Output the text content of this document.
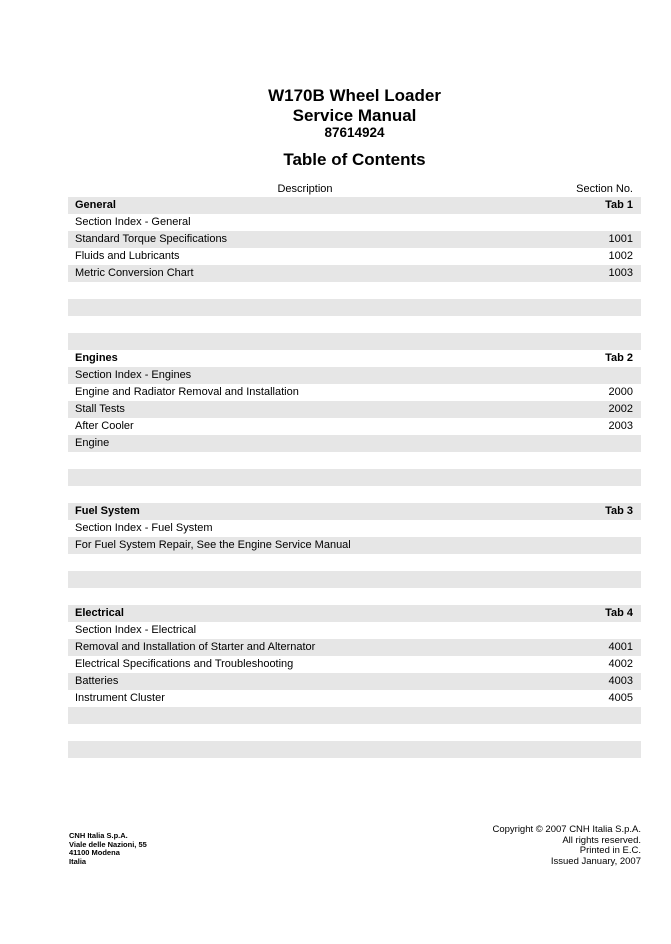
W170B Wheel Loader
Service Manual
87614924
Table of Contents
Description	Section No.
General	Tab 1
Section Index - General
Standard Torque Specifications	1001
Fluids and Lubricants	1002
Metric Conversion Chart	1003
Engines	Tab 2
Section Index - Engines
Engine and Radiator Removal and Installation	2000
Stall Tests	2002
After Cooler	2003
Engine
Fuel System	Tab 3
Section Index - Fuel System
For Fuel System Repair, See the Engine Service Manual
Electrical	Tab 4
Section Index - Electrical
Removal and Installation of Starter and Alternator	4001
Electrical Specifications and Troubleshooting	4002
Batteries	4003
Instrument Cluster	4005
CNH Italia S.p.A.
Viale delle Nazioni, 55
41100 Modena
Italia
Copyright © 2007 CNH Italia S.p.A.
All rights reserved.
Printed in E.C.
Issued January, 2007
